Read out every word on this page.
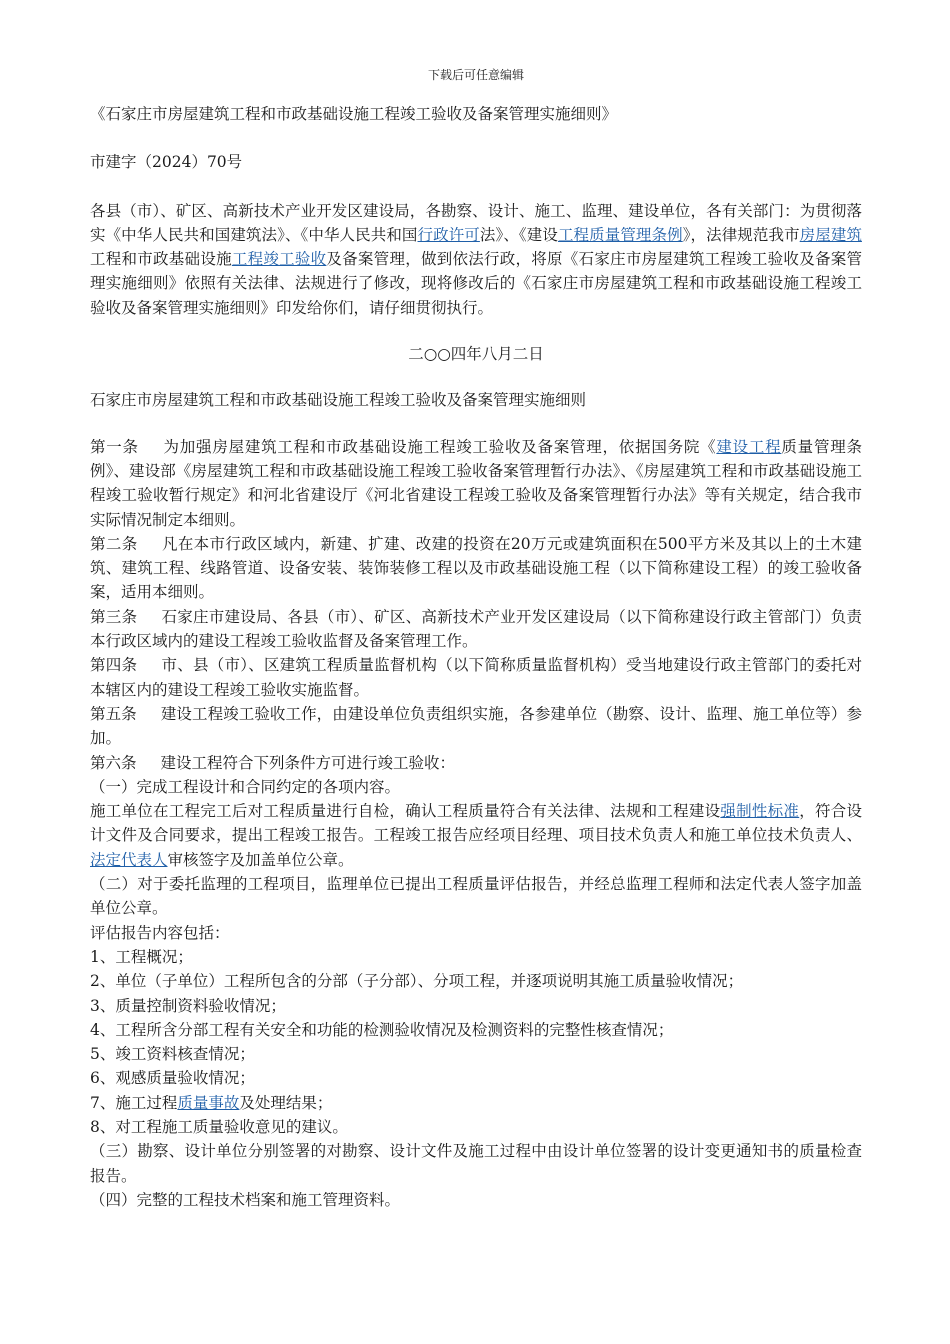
下载后可任意编辑

《石家庄市房屋建筑工程和市政基础设施工程竣工验收及备案管理实施细则》

市建字（2024）70号

各县（市）、矿区、高新技术产业开发区建设局，各勘察、设计、施工、监理、建设单位，各有关部门：为贯彻落实《中华人民共和国建筑法》、《中华人民共和国行政许可法》、《建设工程质量管理条例》，法律规范我市房屋建筑工程和市政基础设施工程竣工验收及备案管理，做到依法行政，将原《石家庄市房屋建筑工程竣工验收及备案管理实施细则》依照有关法律、法规进行了修改，现将修改后的《石家庄市房屋建筑工程和市政基础设施工程竣工验收及备案管理实施细则》印发给你们，请仔细贯彻执行。

二○○四年八月二日

石家庄市房屋建筑工程和市政基础设施工程竣工验收及备案管理实施细则

第一条 为加强房屋建筑工程和市政基础设施工程竣工验收及备案管理，依据国务院《建设工程质量管理条例》、建设部《房屋建筑工程和市政基础设施工程竣工验收备案管理暂行办法》、《房屋建筑工程和市政基础设施工程竣工验收暂行规定》和河北省建设厅《河北省建设工程竣工验收及备案管理暂行办法》等有关规定，结合我市实际情况制定本细则。

第二条 凡在本市行政区域内，新建、扩建、改建的投资在20万元或建筑面积在500平方米及其以上的土木建筑、建筑工程、线路管道、设备安装、装饰装修工程以及市政基础设施工程（以下简称建设工程）的竣工验收备案，适用本细则。

第三条 石家庄市建设局、各县（市）、矿区、高新技术产业开发区建设局（以下简称建设行政主管部门）负责本行政区域内的建设工程竣工验收监督及备案管理工作。

第四条 市、县（市）、区建筑工程质量监督机构（以下简称质量监督机构）受当地建设行政主管部门的委托对本辖区内的建设工程竣工验收实施监督。

第五条 建设工程竣工验收工作，由建设单位负责组织实施，各参建单位（勘察、设计、监理、施工单位等）参加。

第六条 建设工程符合下列条件方可进行竣工验收：

（一）完成工程设计和合同约定的各项内容。

施工单位在工程完工后对工程质量进行自检，确认工程质量符合有关法律、法规和工程建设强制性标准，符合设计文件及合同要求，提出工程竣工报告。工程竣工报告应经项目经理、项目技术负责人和施工单位技术负责人、法定代表人审核签字及加盖单位公章。

（二）对于委托监理的工程项目，监理单位已提出工程质量评估报告，并经总监理工程师和法定代表人签字加盖单位公章。

评估报告内容包括：

1、工程概况；

2、单位（子单位）工程所包含的分部（子分部）、分项工程，并逐项说明其施工质量验收情况；

3、质量控制资料验收情况；

4、工程所含分部工程有关安全和功能的检测验收情况及检测资料的完整性核查情况；

5、竣工资料核查情况；

6、观感质量验收情况；

7、施工过程质量事故及处理结果；

8、对工程施工质量验收意见的建议。

（三）勘察、设计单位分别签署的对勘察、设计文件及施工过程中由设计单位签署的设计变更通知书的质量检查报告。

（四）完整的工程技术档案和施工管理资料。
